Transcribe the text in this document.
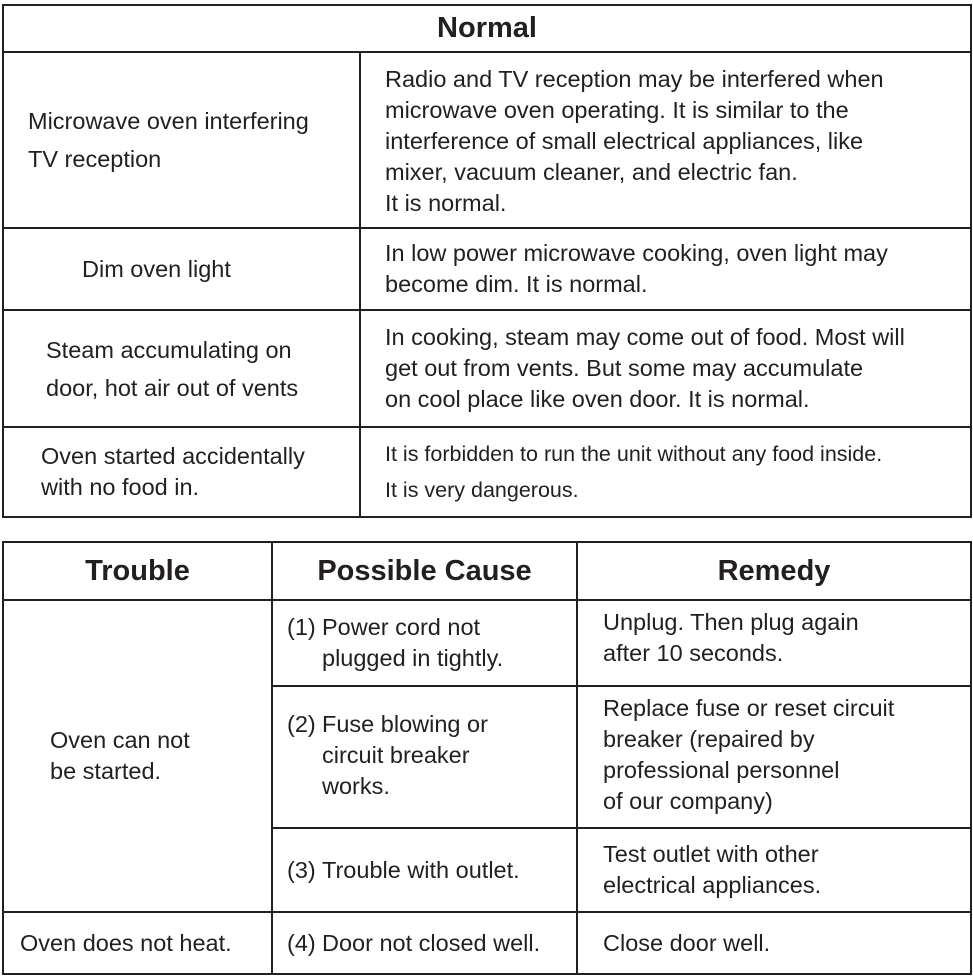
Normal	
Microwave oven interfering
TV reception	Radio and TV reception may be interfered when
microwave oven operating. It is similar to the
interference of small electrical appliances, like
mixer, vacuum cleaner, and electric fan.
It is normal.
Dim oven light	In low power microwave cooking, oven light may
become dim. It is normal.
Steam accumulating on
door, hot air out of vents	In cooking, steam may come out of food. Most will
get out from vents. But some may accumulate
on cool place like oven door. It is normal.
Oven started accidentally
with no food in.	It is forbidden to run the unit without any food inside.
It is very dangerous.
Trouble	Possible Cause	Remedy
Oven can not
be started.	(1) Power cord not
plugged in tightly.	Unplug. Then plug again
after 10 seconds.

	(2) Fuse blowing or
circuit breaker
works.	Replace fuse or reset circuit
breaker (repaired by
professional personnel
of our company)

	(3) Trouble with outlet.	Test outlet with other
electrical appliances.
Oven does not heat.	(4) Door not closed well.	Close door well.
